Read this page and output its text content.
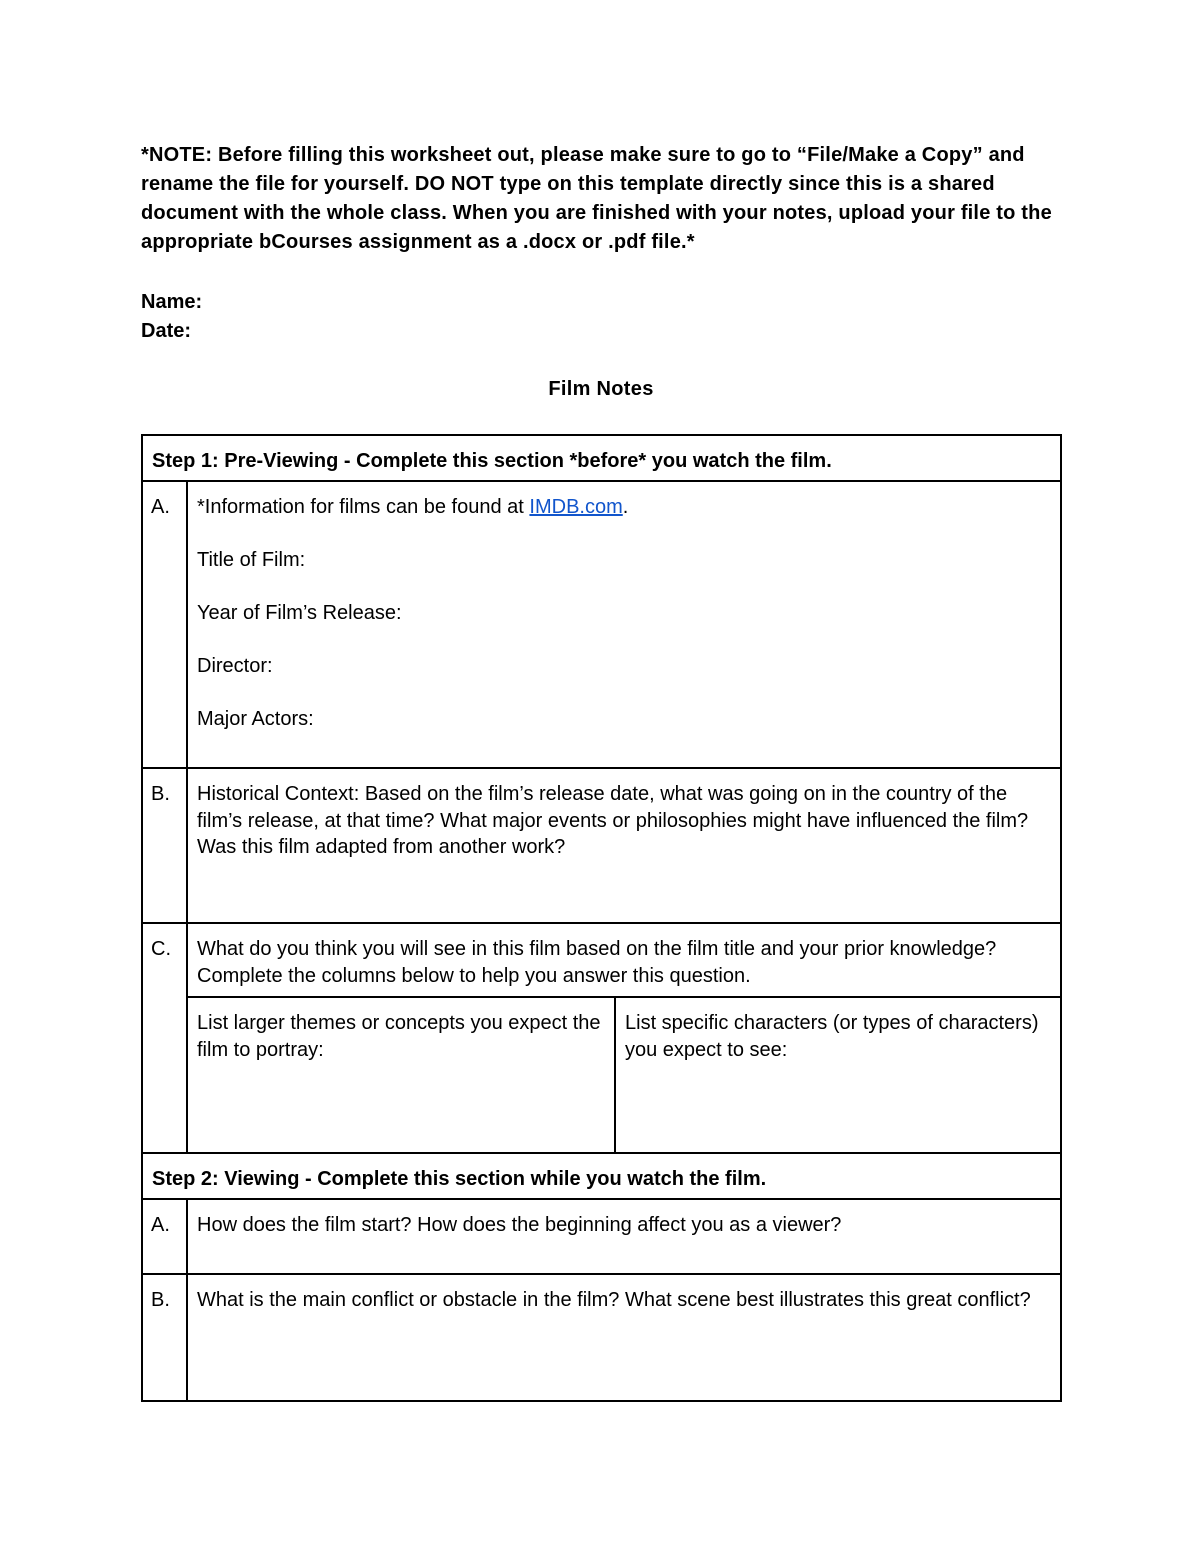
*NOTE: Before filling this worksheet out, please make sure to go to “File/Make a Copy” and rename the file for yourself. DO NOT type on this template directly since this is a shared document with the whole class. When you are finished with your notes, upload your file to the appropriate bCourses assignment as a .docx or .pdf file.*

Name:
Date:
Film Notes
Step 1: Pre-Viewing - Complete this section *before* you watch the film.	
A.	*Information for films can be found at IMDB.com.

Title of Film:

Year of Film’s Release:

Director:

Major Actors:

B.	Historical Context: Based on the film’s release date, what was going on in the country of the film’s release, at that time? What major events or philosophies might have influenced the film? Was this film adapted from another work?
C.	What do you think you will see in this film based on the film title and your prior knowledge? Complete the columns below to help you answer this question.
List larger themes or concepts you expect the film to portray:
List specific characters (or types of characters) you expect to see:

Step 2: Viewing - Complete this section while you watch the film.	
A.	How does the film start? How does the beginning affect you as a viewer?
B.	What is the main conflict or obstacle in the film? What scene best illustrates this great conflict?
